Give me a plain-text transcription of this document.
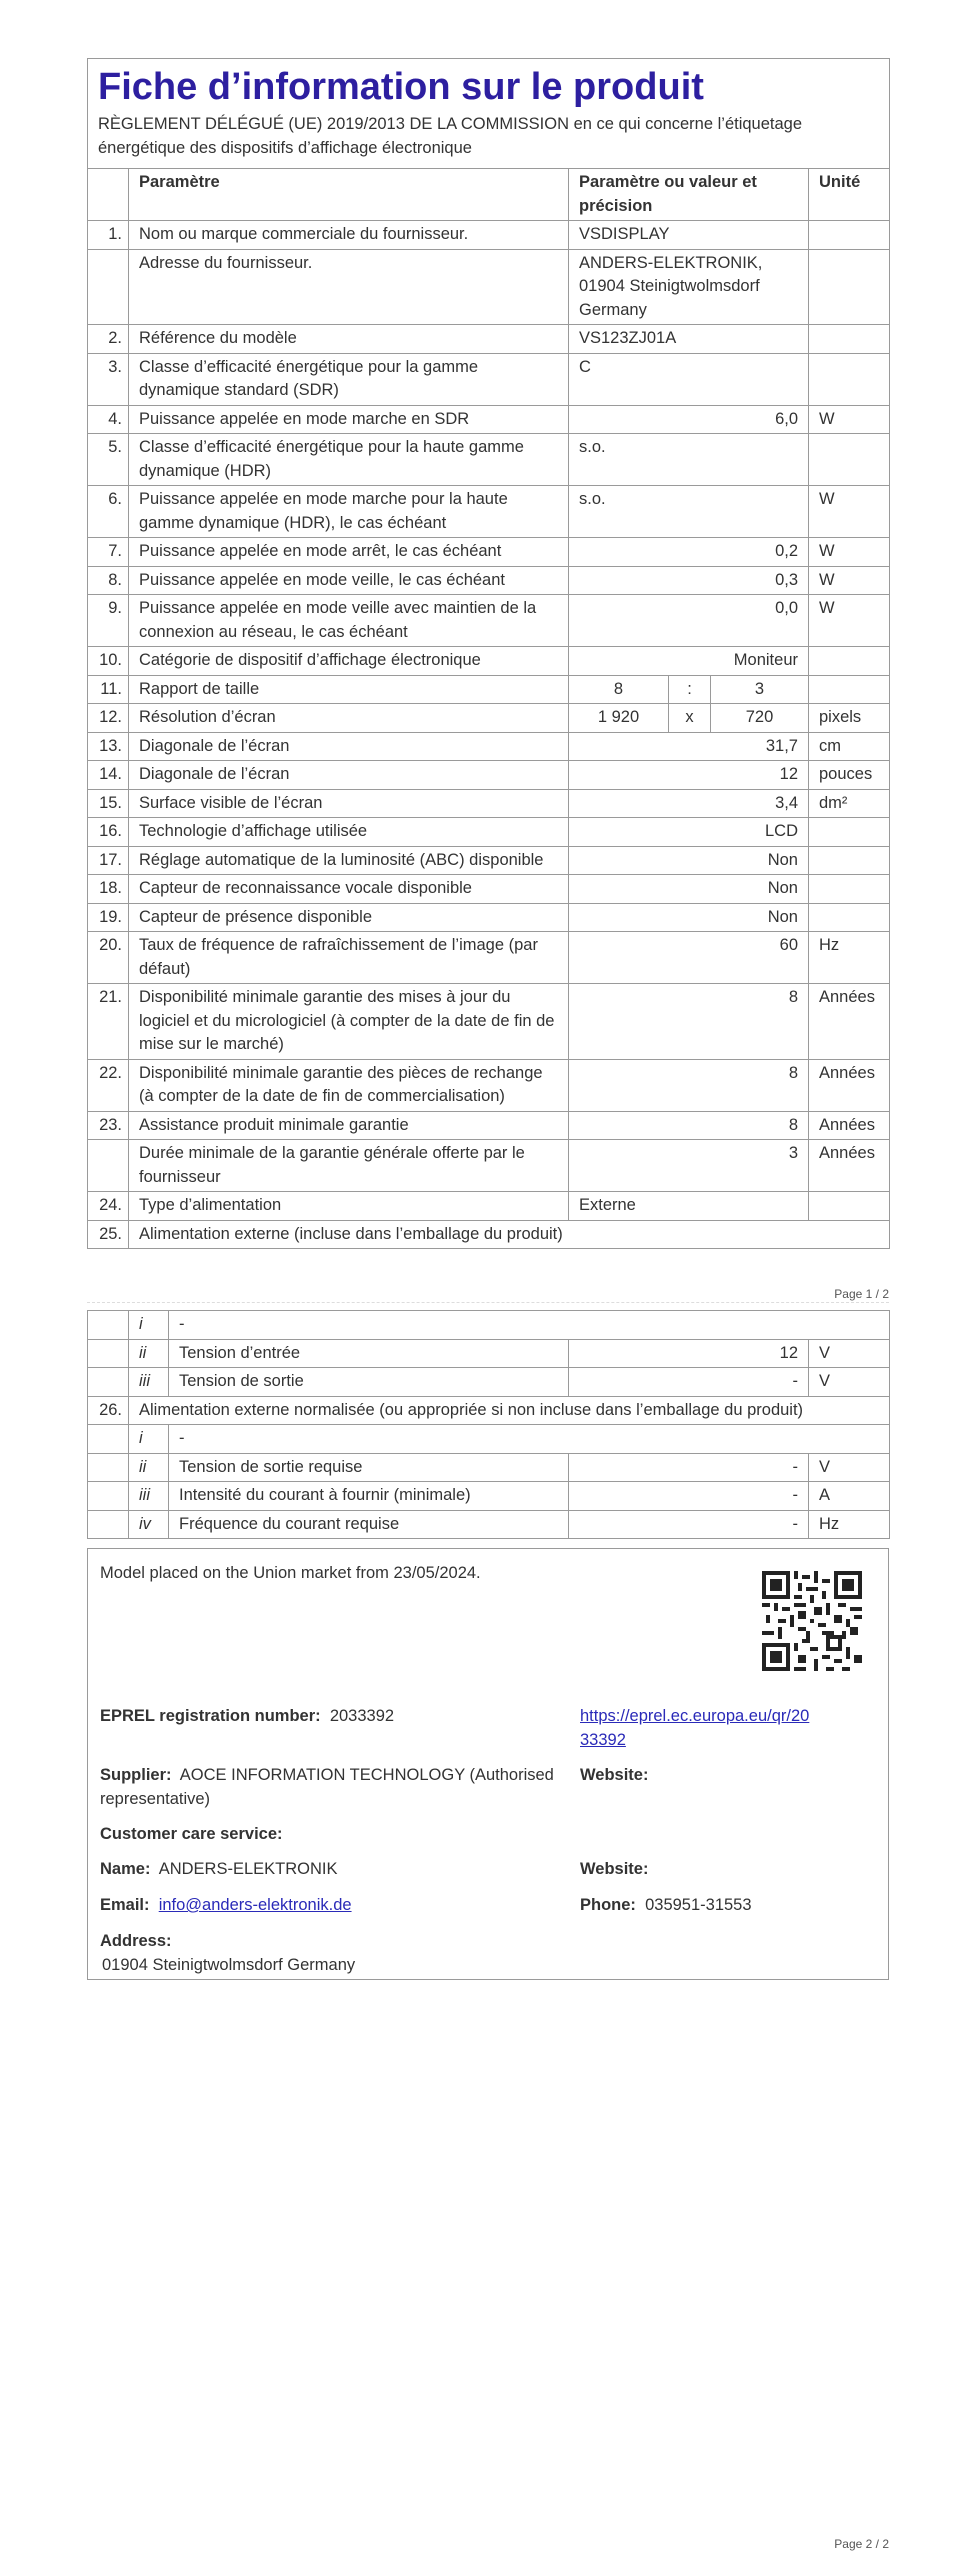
Fiche d’information sur le produit
RÈGLEMENT DÉLÉGUÉ (UE) 2019/2013 DE LA COMMISSION en ce qui concerne l’étiquetage énergétique des dispositifs d’affichage électronique					

	Paramètre	Paramètre ou valeur et précision			Unité
1.	Nom ou marque commerciale du fournisseur.	VSDISPLAY			
	Adresse du fournisseur.	ANDERS-ELEKTRONIK, 01904 Steinigtwolmsdorf Germany			
2.	Référence du modèle	VS123ZJ01A			
3.	Classe d’efficacité énergétique pour la gamme dynamique standard (SDR)	C			
4.	Puissance appelée en mode marche en SDR	6,0			W
5.	Classe d’efficacité énergétique pour la haute gamme dynamique (HDR)	s.o.			
6.	Puissance appelée en mode marche pour la haute gamme dynamique (HDR), le cas échéant	s.o.			W
7.	Puissance appelée en mode arrêt, le cas échéant	0,2			W
8.	Puissance appelée en mode veille, le cas échéant	0,3			W
9.	Puissance appelée en mode veille avec maintien de la connexion au réseau, le cas échéant	0,0			W
10.	Catégorie de dispositif d’affichage électronique	Moniteur			
11.	Rapport de taille	8	:	3	
12.	Résolution d’écran	1 920	x	720	pixels
13.	Diagonale de l’écran	31,7			cm
14.	Diagonale de l’écran	12			pouces
15.	Surface visible de l’écran	3,4			dm²
16.	Technologie d’affichage utilisée	LCD			
17.	Réglage automatique de la luminosité (ABC) disponible	Non			
18.	Capteur de reconnaissance vocale disponible	Non			
19.	Capteur de présence disponible	Non			
20.	Taux de fréquence de rafraîchissement de l’image (par défaut)	60			Hz
21.	Disponibilité minimale garantie des mises à jour du logiciel et du micrologiciel (à compter de la date de fin de mise sur le marché)	8			Années
22.	Disponibilité minimale garantie des pièces de rechange (à compter de la date de fin de commercialisation)	8			Années
23.	Assistance produit minimale garantie	8			Années
	Durée minimale de la garantie générale offerte par le fournisseur	3			Années
24.	Type d’alimentation	Externe			
25.	Alimentation externe (incluse dans l’emballage du produit)				
Page 1 / 2
	i	-		
	ii	Tension d’entrée	12	V
	iii	Tension de sortie	-	V
26.	Alimentation externe normalisée (ou appropriée si non incluse dans l’emballage du produit)			
	i	-		
	ii	Tension de sortie requise	-	V
	iii	Intensité du courant à fournir (minimale)	-	A
	iv	Fréquence du courant requise	-	Hz
Model placed on the Union market from 23/05/2024.
EPREL registration number: 2033392	https://eprel.ec.europa.eu/qr/20
33392
Supplier: AOCE INFORMATION TECHNOLOGY (Authorised
representative)
Website:
Customer care service:
Name: ANDERS-ELEKTRONIK	Website:
Email: info@anders-elektronik.de	Phone: 035951-31553
Address:
01904 Steinigtwolmsdorf Germany
Page 2 / 2
